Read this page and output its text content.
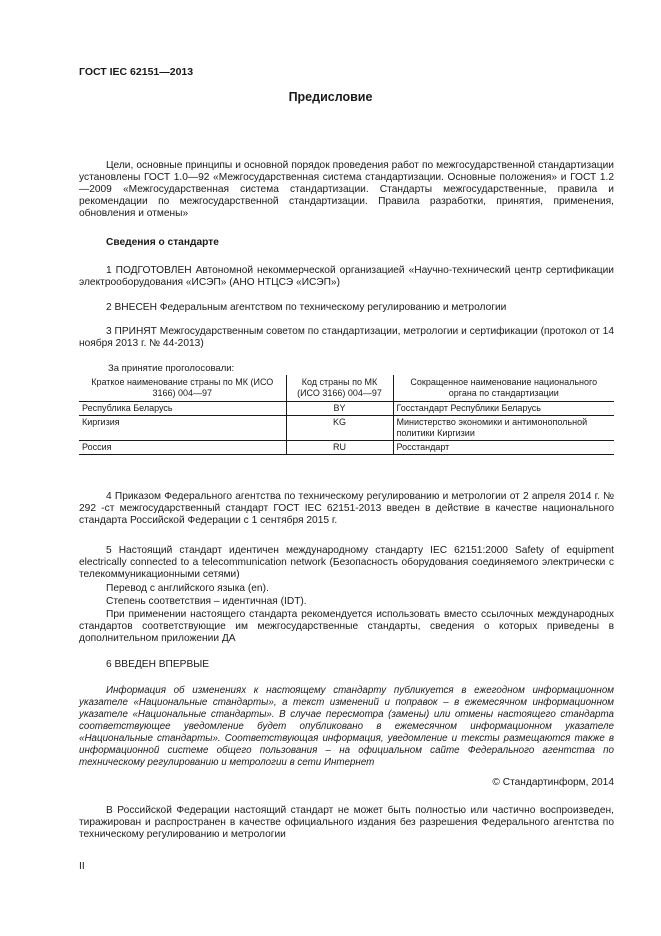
ГОСТ IEC 62151—2013
Предисловие
Цели, основные принципы и основной порядок проведения работ по межгосударственной стандартизации установлены ГОСТ 1.0—92 «Межгосударственная система стандартизации. Основные положения» и ГОСТ 1.2—2009 «Межгосударственная система стандартизации. Стандарты межгосударственные, правила и рекомендации по межгосударственной стандартизации. Правила разработки, принятия, применения, обновления и отмены»
Сведения о стандарте
1 ПОДГОТОВЛЕН Автономной некоммерческой организацией «Научно-технический центр сертификации электрооборудования «ИСЭП» (АНО НТЦСЭ «ИСЭП»)
2 ВНЕСЕН Федеральным агентством по техническому регулированию и метрологии
3 ПРИНЯТ Межгосударственным советом по стандартизации, метрологии и сертификации (протокол от 14 ноября 2013 г. № 44-2013)
За принятие проголосовали:
Краткое наименование страны по МК (ИСО 3166) 004—97	Код страны по МК (ИСО 3166) 004—97	Сокращенное наименование национального органа по стандартизации
Республика Беларусь	BY	Госстандарт Республики Беларусь
Киргизия	KG	Министерство экономики и антимонопольной политики Киргизии
Россия	RU	Росстандарт
4 Приказом Федерального агентства по техническому регулированию и метрологии от 2 апреля 2014 г. № 292 -ст межгосударственный стандарт ГОСТ IEC 62151-2013 введен в действие в качестве национального стандарта Российской Федерации с 1 сентября 2015 г.
5 Настоящий стандарт идентичен международному стандарту IEC 62151:2000 Safety of equipment electrically connected to a telecommunication network (Безопасность оборудования соединяемого электрически с телекоммуникационными сетями)
Перевод с английского языка (en).
Степень соответствия – идентичная (IDT).
При применении настоящего стандарта рекомендуется использовать вместо ссылочных международных стандартов соответствующие им межгосударственные стандарты, сведения о которых приведены в дополнительном приложении ДА
6 ВВЕДЕН ВПЕРВЫЕ
Информация об изменениях к настоящему стандарту публикуется в ежегодном информационном указателе «Национальные стандарты», а текст изменений и поправок – в ежемесячном информационном указателе «Национальные стандарты». В случае пересмотра (замены) или отмены настоящего стандарта соответствующее уведомление будет опубликовано в ежемесячном информационном указателе «Национальные стандарты». Соответствующая информация, уведомление и тексты размещаются также в информационной системе общего пользования – на официальном сайте Федерального агентства по техническому регулированию и метрологии в сети Интернет
© Стандартинформ, 2014
В Российской Федерации настоящий стандарт не может быть полностью или частично воспроизведен, тиражирован и распространен в качестве официального издания без разрешения Федерального агентства по техническому регулированию и метрологии
II
